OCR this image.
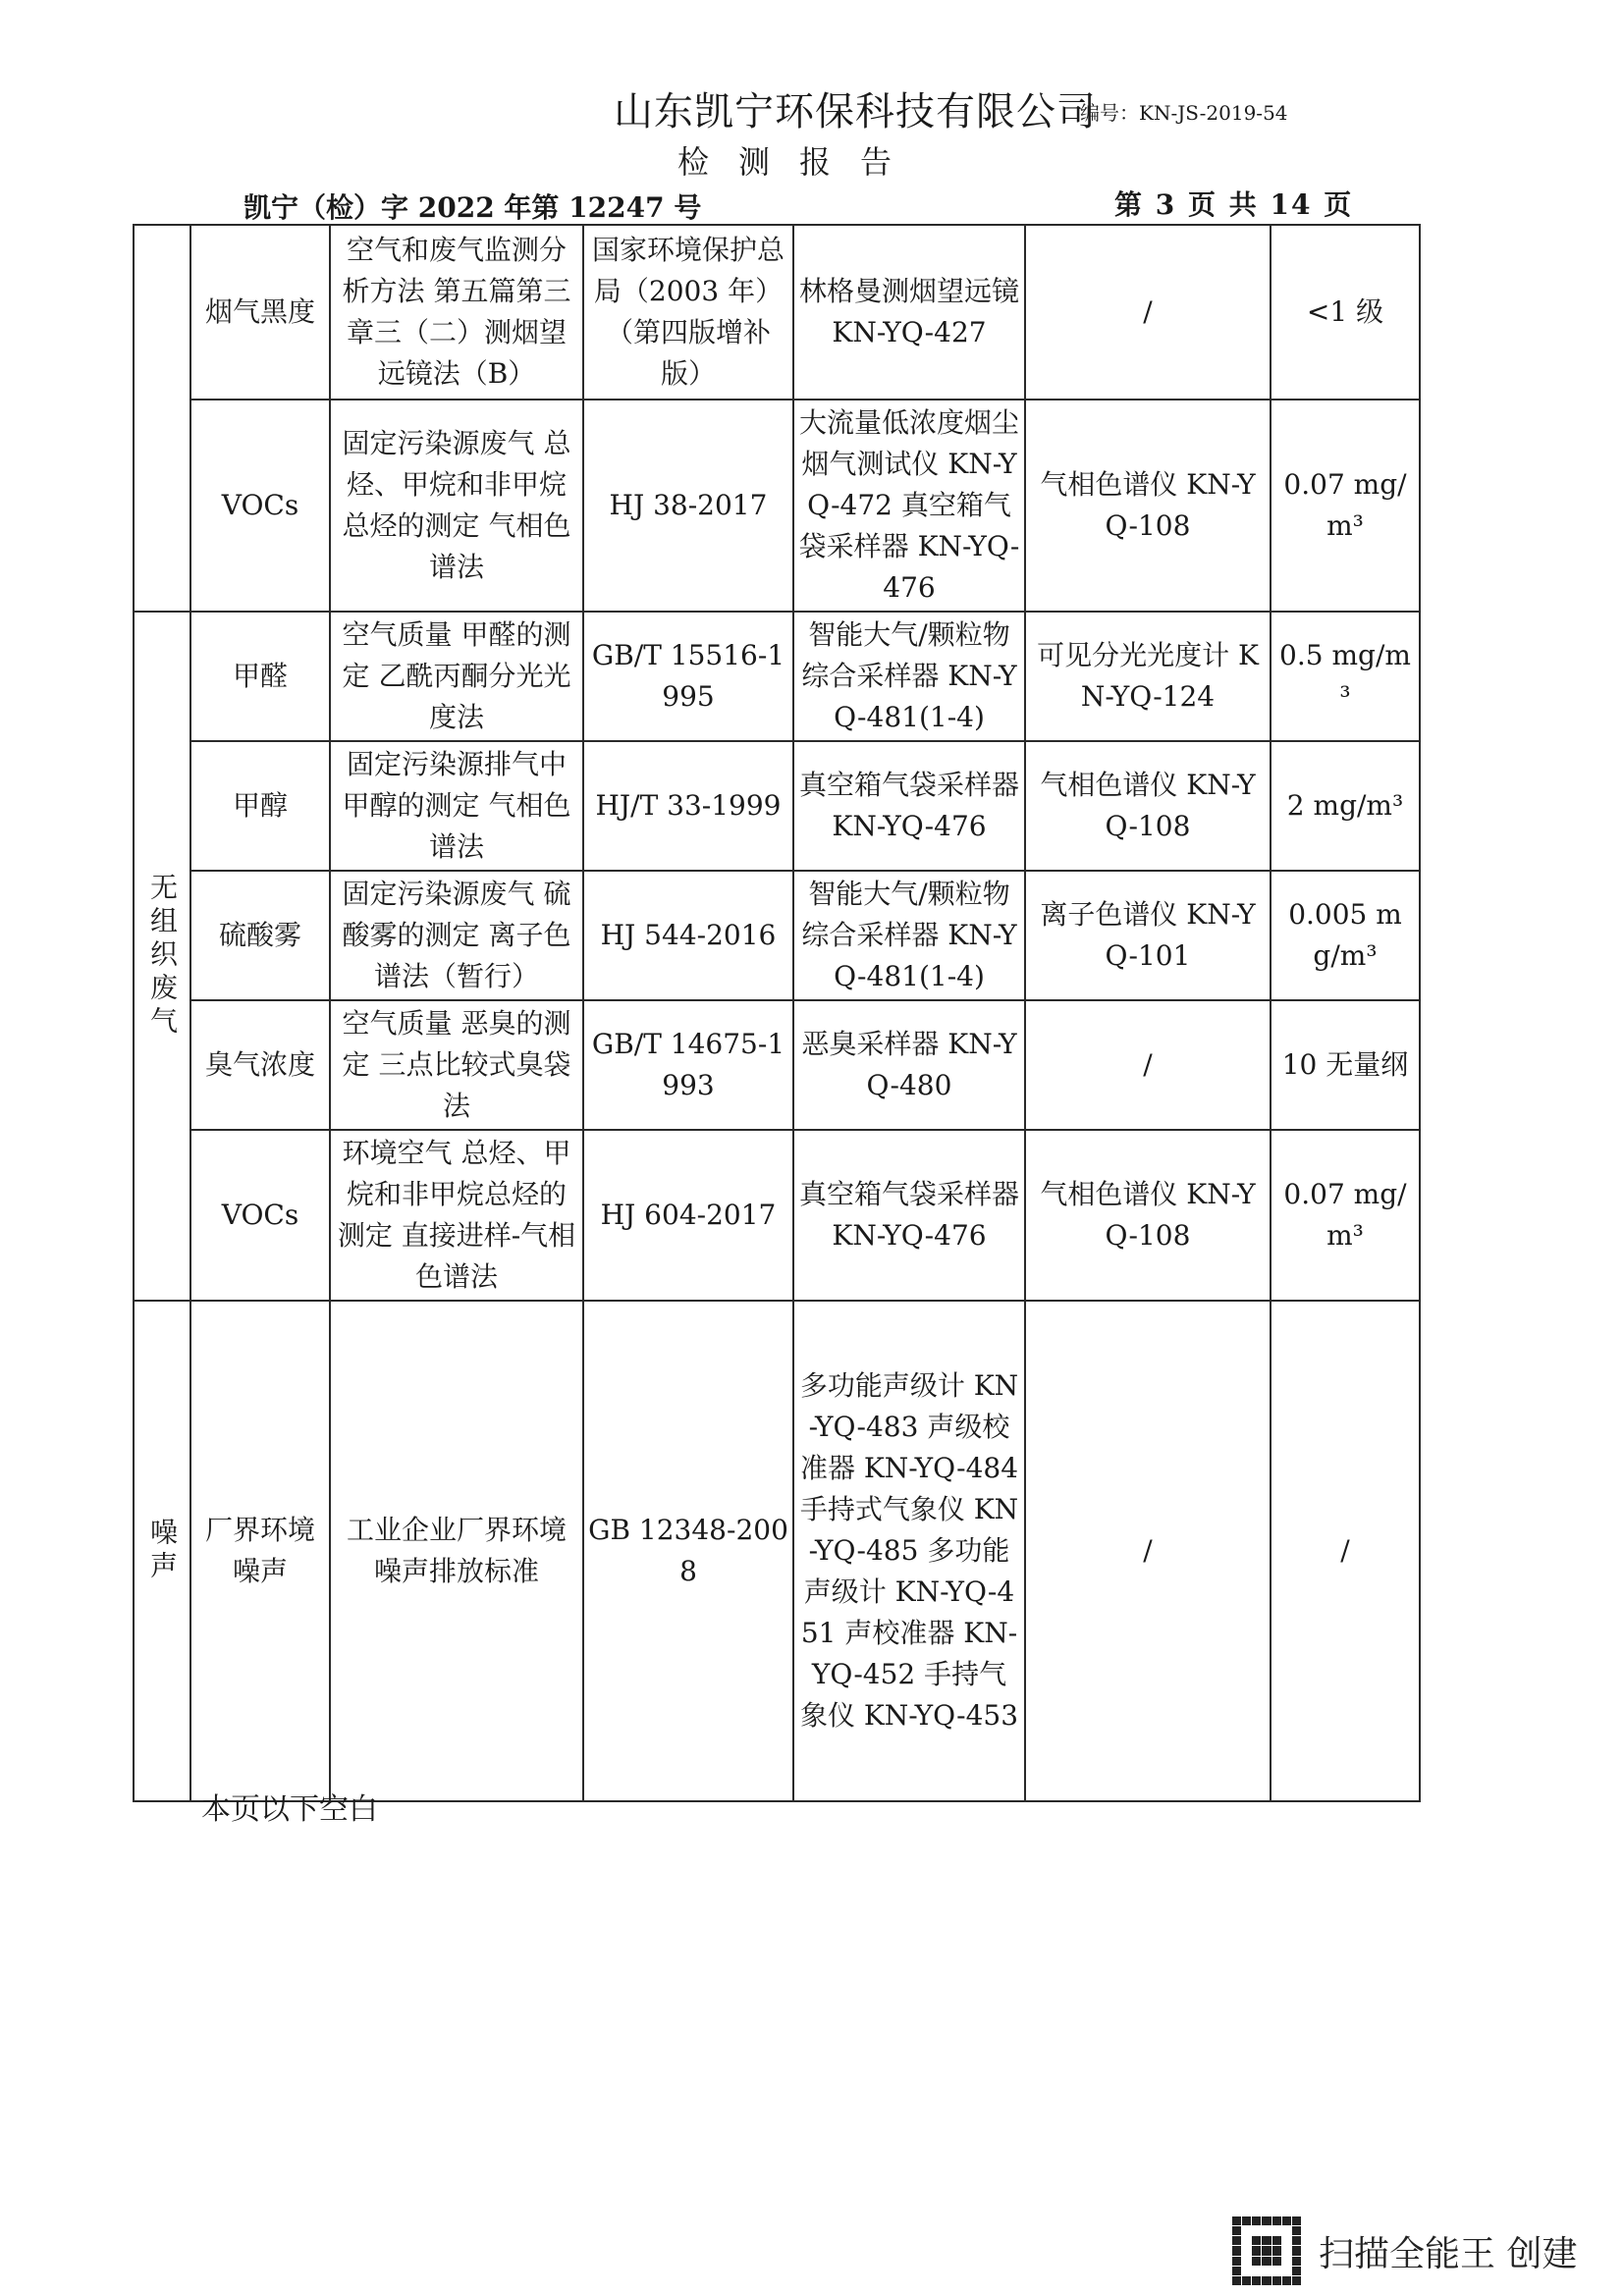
山东凯宁环保科技有限公司
编号：KN-JS-2019-54
检测报告
凯宁（检）字 2022 年第 12247 号	第 3 页 共 14 页
	烟气黑度	空气和废气监测分析方法 第五篇第三章三（二）测烟望远镜法（B）	国家环境保护总局（2003 年）（第四版增补版）	林格曼测烟望远镜 KN-YQ-427	/	<1 级
	VOCs	固定污染源废气 总烃、甲烷和非甲烷总烃的测定 气相色谱法	HJ 38-2017	大流量低浓度烟尘烟气测试仪 KN-YQ-472 真空箱气袋采样器 KN-YQ-476	气相色谱仪 KN-YQ-108	0.07 mg/m³
无组织废气	甲醛	空气质量 甲醛的测定 乙酰丙酮分光光度法	GB/T 15516-1995	智能大气/颗粒物综合采样器 KN-YQ-481(1-4)	可见分光光度计 KN-YQ-124	0.5 mg/m³
	甲醇	固定污染源排气中甲醇的测定 气相色谱法	HJ/T 33-1999	真空箱气袋采样器 KN-YQ-476	气相色谱仪 KN-YQ-108	2 mg/m³
	硫酸雾	固定污染源废气 硫酸雾的测定 离子色谱法（暂行）	HJ 544-2016	智能大气/颗粒物综合采样器 KN-YQ-481(1-4)	离子色谱仪 KN-YQ-101	0.005 mg/m³
	臭气浓度	空气质量 恶臭的测定 三点比较式臭袋法	GB/T 14675-1993	恶臭采样器 KN-YQ-480	/	10 无量纲
	VOCs	环境空气 总烃、甲烷和非甲烷总烃的测定 直接进样-气相色谱法	HJ 604-2017	真空箱气袋采样器 KN-YQ-476	气相色谱仪 KN-YQ-108	0.07 mg/m³
噪声	厂界环境噪声	工业企业厂界环境噪声排放标准	GB 12348-2008	多功能声级计 KN-YQ-483 声级校准器 KN-YQ-484 手持式气象仪 KN-YQ-485 多功能声级计 KN-YQ-451 声校准器 KN-YQ-452 手持气象仪 KN-YQ-453	/	/
本页以下空白
扫描全能王 创建
